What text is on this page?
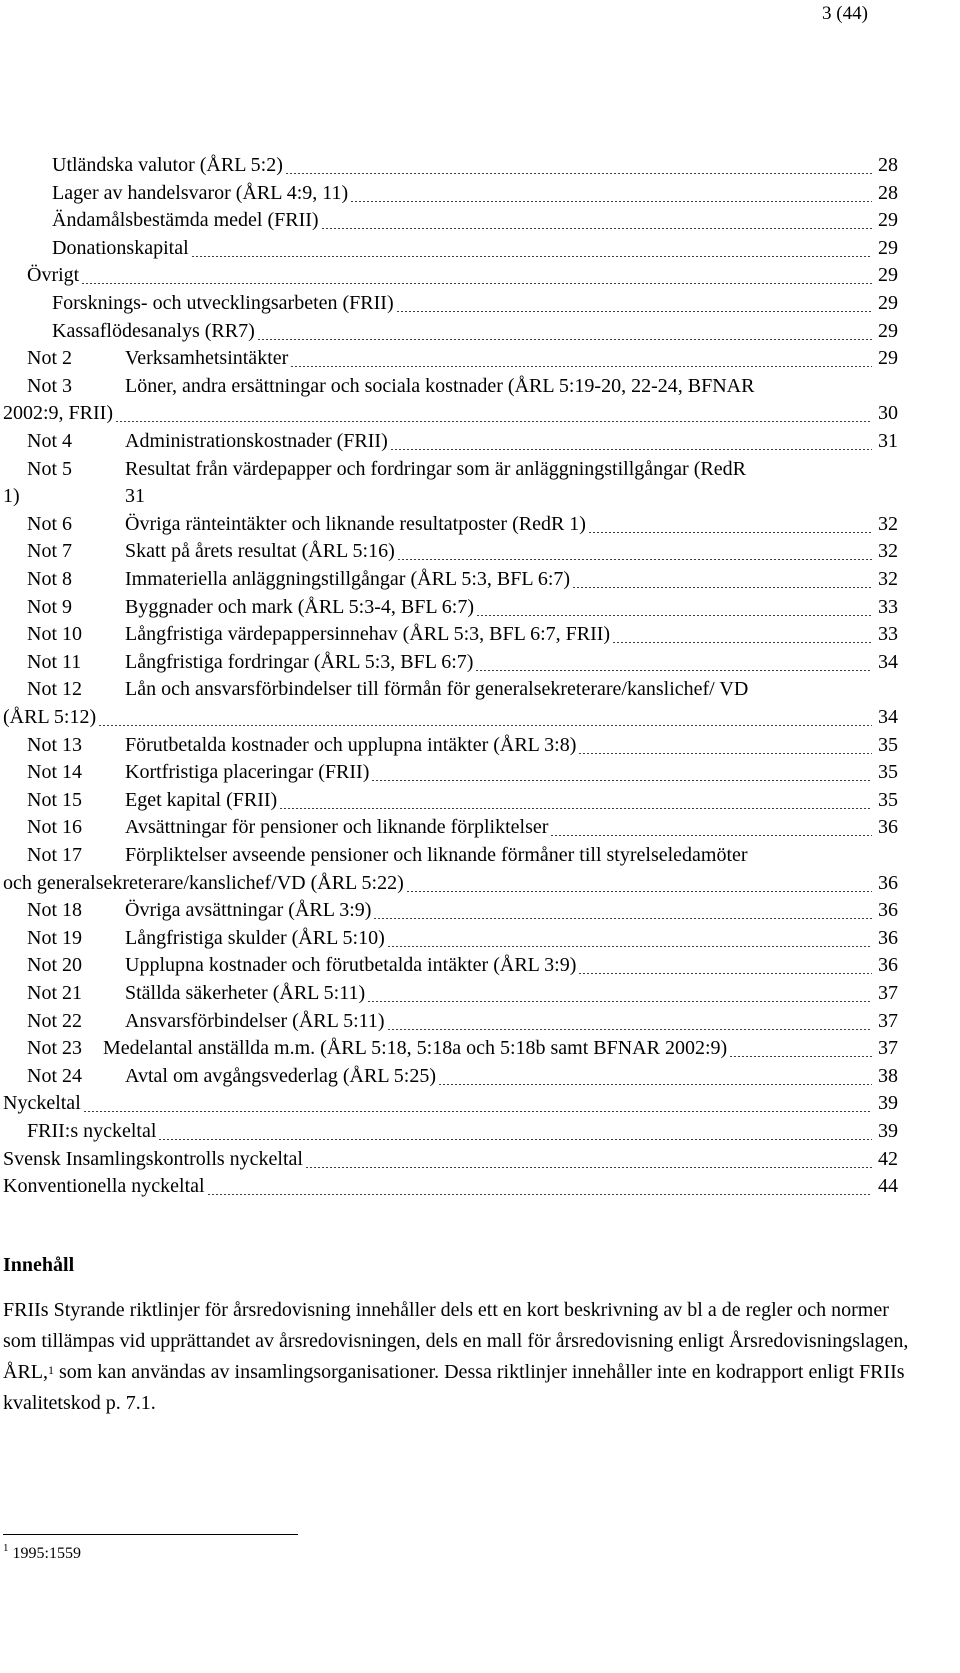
3 (44)
Utländska valutor (ÅRL 5:2)	28
Lager av handelsvaror (ÅRL 4:9, 11)	28
Ändamålsbestämda medel (FRII)	29
Donationskapital	29
Övrigt	29
Forsknings- och utvecklingsarbeten (FRII)	29
Kassaflödesanalys (RR7)	29
Not 2	Verksamhetsintäkter	29
Not 3	Löner, andra ersättningar och sociala kostnader (ÅRL 5:19-20, 22-24, BFNAR
2002:9, FRII)	30
Not 4	Administrationskostnader (FRII)	31
Not 5	Resultat från värdepapper och fordringar som är anläggningstillgångar (RedR
1)	31
Not 6	Övriga ränteintäkter och liknande resultatposter (RedR 1)	32
Not 7	Skatt på årets resultat (ÅRL 5:16)	32
Not 8	Immateriella anläggningstillgångar (ÅRL 5:3, BFL 6:7)	32
Not 9	Byggnader och mark (ÅRL 5:3-4, BFL 6:7)	33
Not 10 Långfristiga värdepappersinnehav (ÅRL 5:3, BFL 6:7, FRII)	33
Not 11 Långfristiga fordringar (ÅRL 5:3, BFL 6:7)	34
Not 12 Lån och ansvarsförbindelser till förmån för generalsekreterare/kanslichef/ VD
(ÅRL 5:12)	34
Not 13 Förutbetalda kostnader och upplupna intäkter (ÅRL 3:8)	35
Not 14 Kortfristiga placeringar (FRII)	35
Not 15 Eget kapital (FRII)	35
Not 16 Avsättningar för pensioner och liknande förpliktelser	36
Not 17 Förpliktelser avseende pensioner och liknande förmåner till styrelseledamöter
och generalsekreterare/kanslichef/VD (ÅRL 5:22)	36
Not 18 Övriga avsättningar (ÅRL 3:9)	36
Not 19 Långfristiga skulder (ÅRL 5:10)	36
Not 20 Upplupna kostnader och förutbetalda intäkter (ÅRL 3:9)	36
Not 21 Ställda säkerheter (ÅRL 5:11)	37
Not 22 Ansvarsförbindelser (ÅRL 5:11)	37
Not 23 Medelantal anställda m.m. (ÅRL 5:18, 5:18a och 5:18b samt BFNAR 2002:9)	37
Not 24 Avtal om avgångsvederlag (ÅRL 5:25)	38
Nyckeltal	39
FRII:s nyckeltal	39
Svensk Insamlingskontrolls nyckeltal	42
Konventionella nyckeltal	44
Innehåll
FRIIs Styrande riktlinjer för årsredovisning innehåller dels ett en kort beskrivning av bl a de regler och normer som tillämpas vid upprättandet av årsredovisningen, dels en mall för årsredovisning enligt Årsredovisningslagen, ÅRL,$^1$ som kan användas av insamlingsorganisationer. Dessa riktlinjer innehåller inte en kodrapport enligt FRIIs kvalitetskod p. 7.1.
$^1$ 1995:1559
